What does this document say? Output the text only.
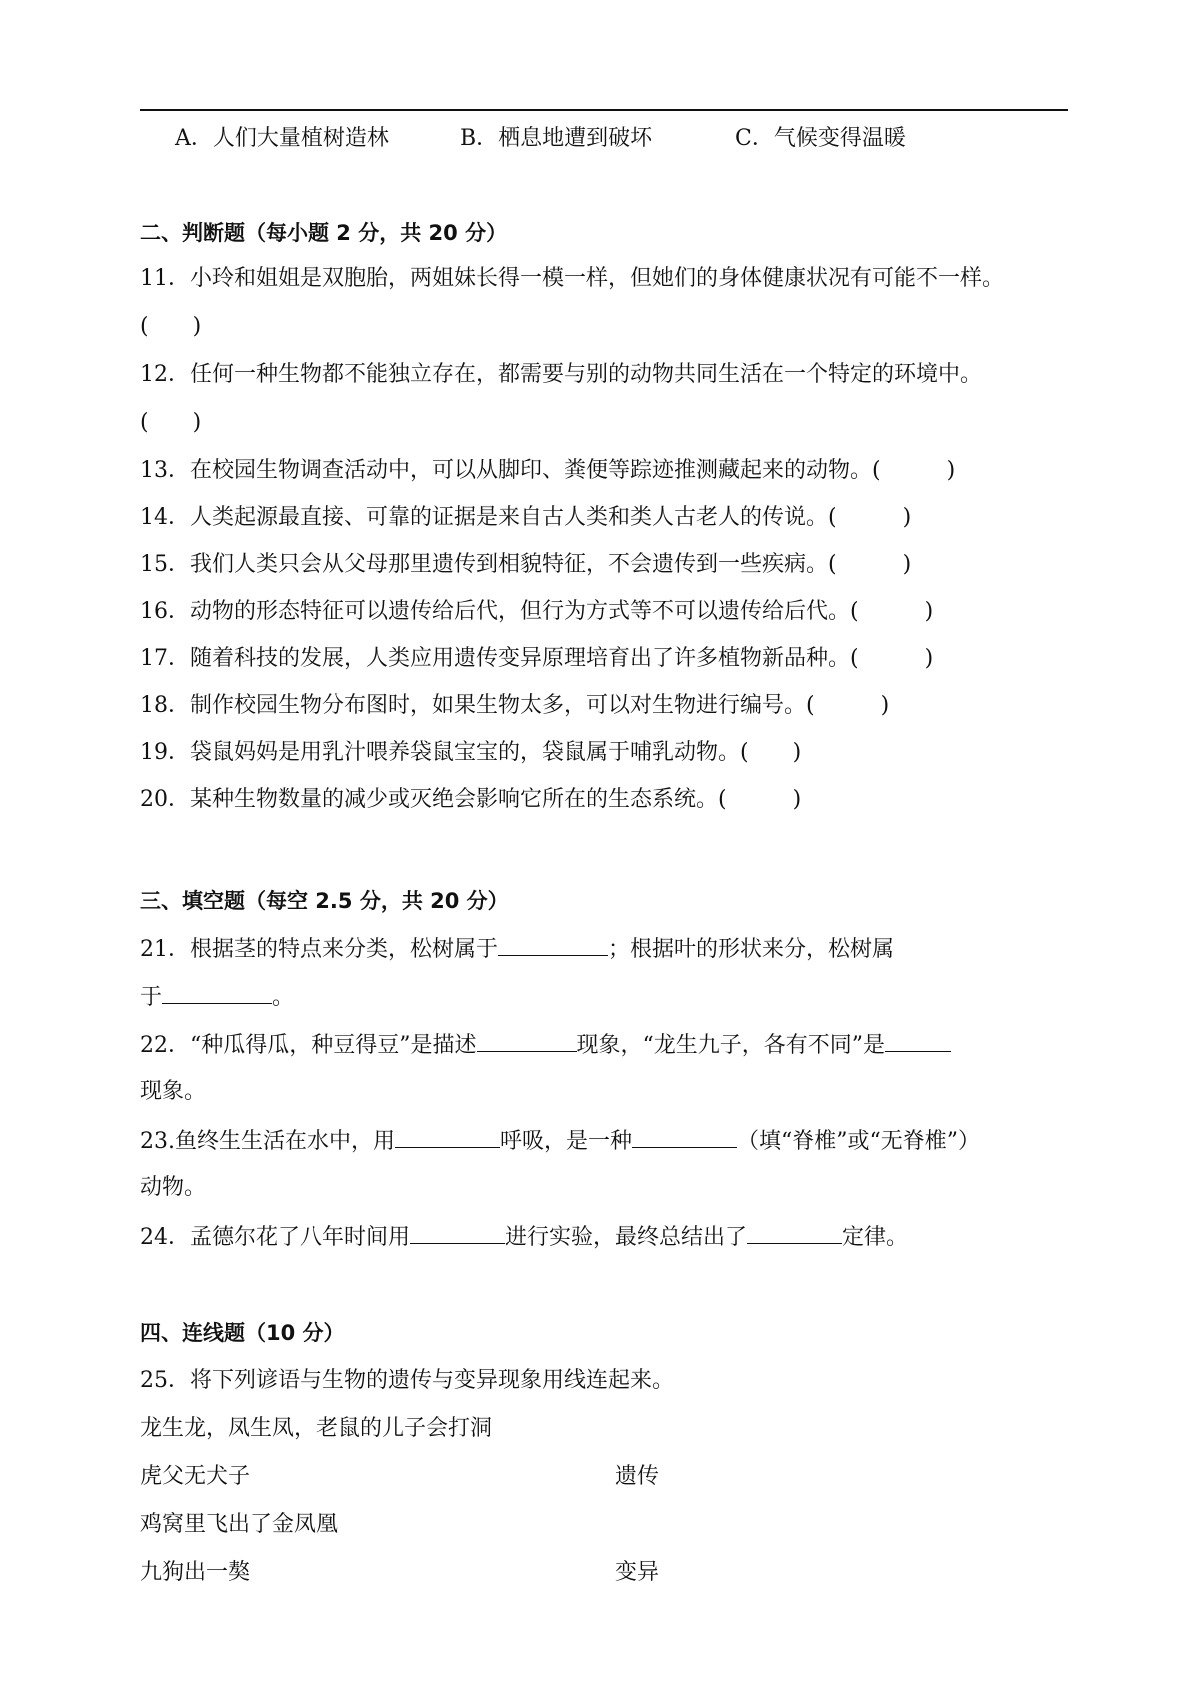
A．人们大量植树造林	B．栖息地遭到破坏	C．气候变得温暖
二、判断题（每小题 2 分，共 20 分）
11．小玲和姐姐是双胞胎，两姐妹长得一模一样，但她们的身体健康状况有可能不一样。
(　　)
12．任何一种生物都不能独立存在，都需要与别的动物共同生活在一个特定的环境中。
(　　)
13．在校园生物调查活动中，可以从脚印、粪便等踪迹推测藏起来的动物。(　　　)
14．人类起源最直接、可靠的证据是来自古人类和类人古老人的传说。(　　　)
15．我们人类只会从父母那里遗传到相貌特征，不会遗传到一些疾病。(　　　)
16．动物的形态特征可以遗传给后代，但行为方式等不可以遗传给后代。(　　　)
17．随着科技的发展，人类应用遗传变异原理培育出了许多植物新品种。(　　　)
18．制作校园生物分布图时，如果生物太多，可以对生物进行编号。(　　　)
19．袋鼠妈妈是用乳汁喂养袋鼠宝宝的，袋鼠属于哺乳动物。(　　)
20．某种生物数量的减少或灭绝会影响它所在的生态系统。(　　　)
三、填空题（每空 2.5 分，共 20 分）
21．根据茎的特点来分类，松树属于	；根据叶的形状来分，松树属
于	。
22．“种瓜得瓜，种豆得豆”是描述	现象，“龙生九子，各有不同”是
现象。
23.鱼终生生活在水中，用	呼吸，是一种	（填“脊椎”或“无脊椎”）
动物。
24．孟德尔花了八年时间用	进行实验，最终总结出了	定律。
四、连线题（10 分）
25．将下列谚语与生物的遗传与变异现象用线连起来。
龙生龙，凤生凤，老鼠的儿子会打洞
虎父无犬子
鸡窝里飞出了金凤凰
九狗出一獒
遗传
变异
